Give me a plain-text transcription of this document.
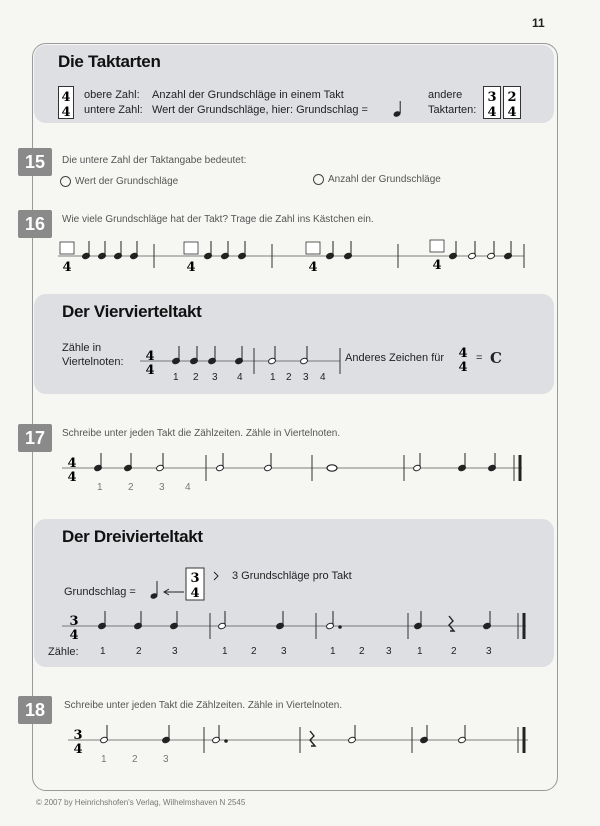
11
Die Taktarten
4
4
obere Zahl: Anzahl der Grundschläge in einem Takt
untere Zahl: Wert der Grundschläge, hier: Grundschlag =
andere
Taktarten:
3
4
2
4
15	Die untere Zahl der Taktangabe bedeutet:
Wert der Grundschläge	Anzahl der Grundschläge
16	Wie viele Grundschläge hat der Takt? Trage die Zahl ins Kästchen ein.
4	4	4	4
Der Viervierteltakt
Zähle in
Viertelnoten: 4
4 1 2 3 4	1 2 3 4
Anderes Zeichen für 4
4
= C
17	Schreibe unter jeden Takt die Zählzeiten. Zähle in Viertelnoten.
4
4
1	2	3 4
Der Dreivierteltakt
Grundschlag =
3
4
3 Grundschläge pro Takt
3
4
Zähle: 1	2	3	1 2 3	1 2 3	1	2	3
18	Schreibe unter jeden Takt die Zählzeiten. Zähle in Viertelnoten.
3
4
1	2	3
© 2007 by Heinrichshofen's Verlag, Wilhelmshaven N 2545
